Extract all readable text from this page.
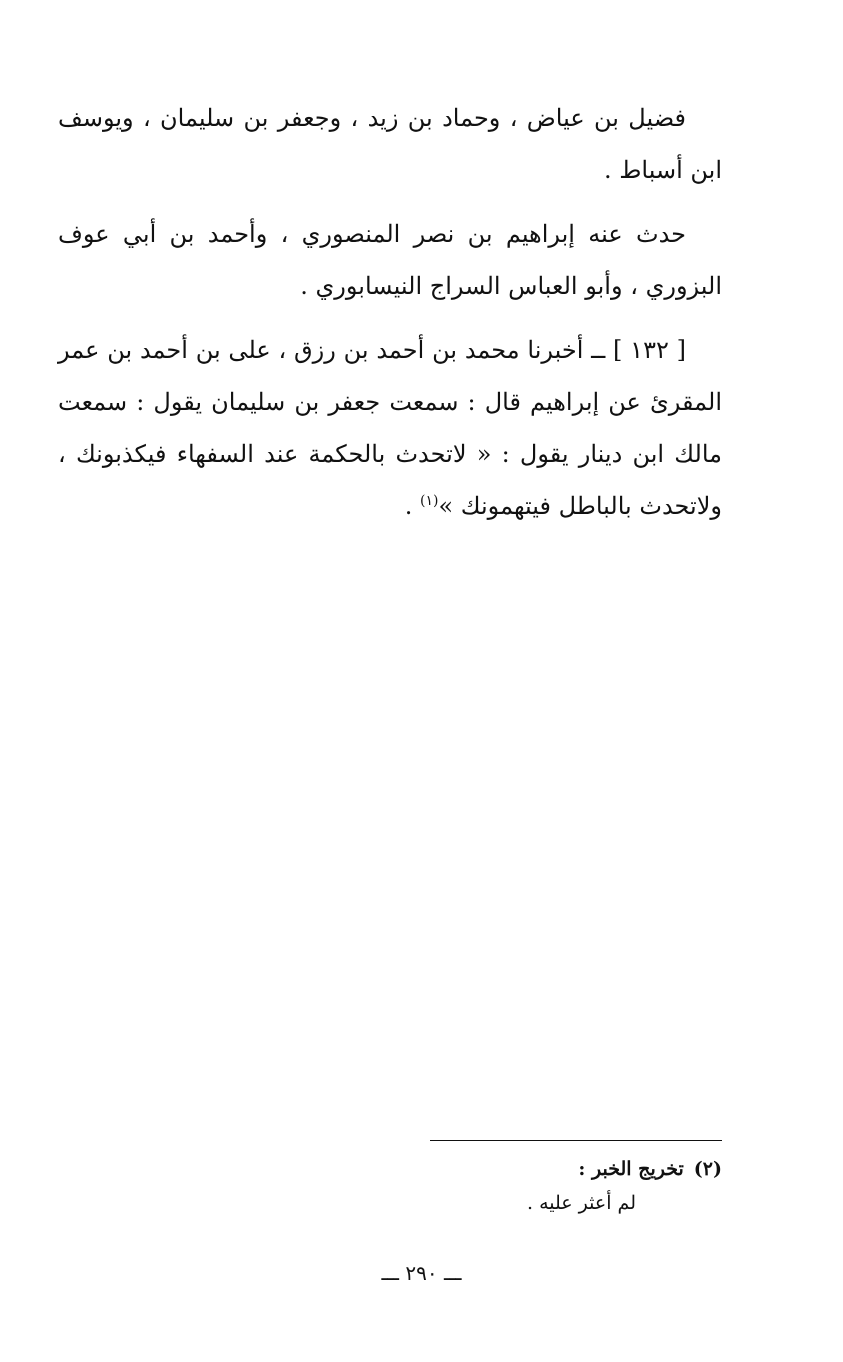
فضيل بن عياض ، وحماد بن زيد ، وجعفر بن سليمان ، ويوسف ابن أسباط .

حدث عنه إبراهيم بن نصر المنصوري ، وأحمد بن أبي عوف البزوري ، وأبو العباس السراج النيسابوري .

[ ١٣٢ ] ــ أخبرنا محمد بن أحمد بن رزق ، على بن أحمد بن عمر المقرئ عن إبراهيم قال : سمعت جعفر بن سليمان يقول : سمعت مالك ابن دينار يقول : « لاتحدث بالحكمة عند السفهاء فيكذبونك ، ولاتحدث بالباطل فيتهمونك »$^{(١)}$ .

(٢)تخريج الخبر :
لم أعثر عليه .
ـــ ٢٩٠ ـــ
